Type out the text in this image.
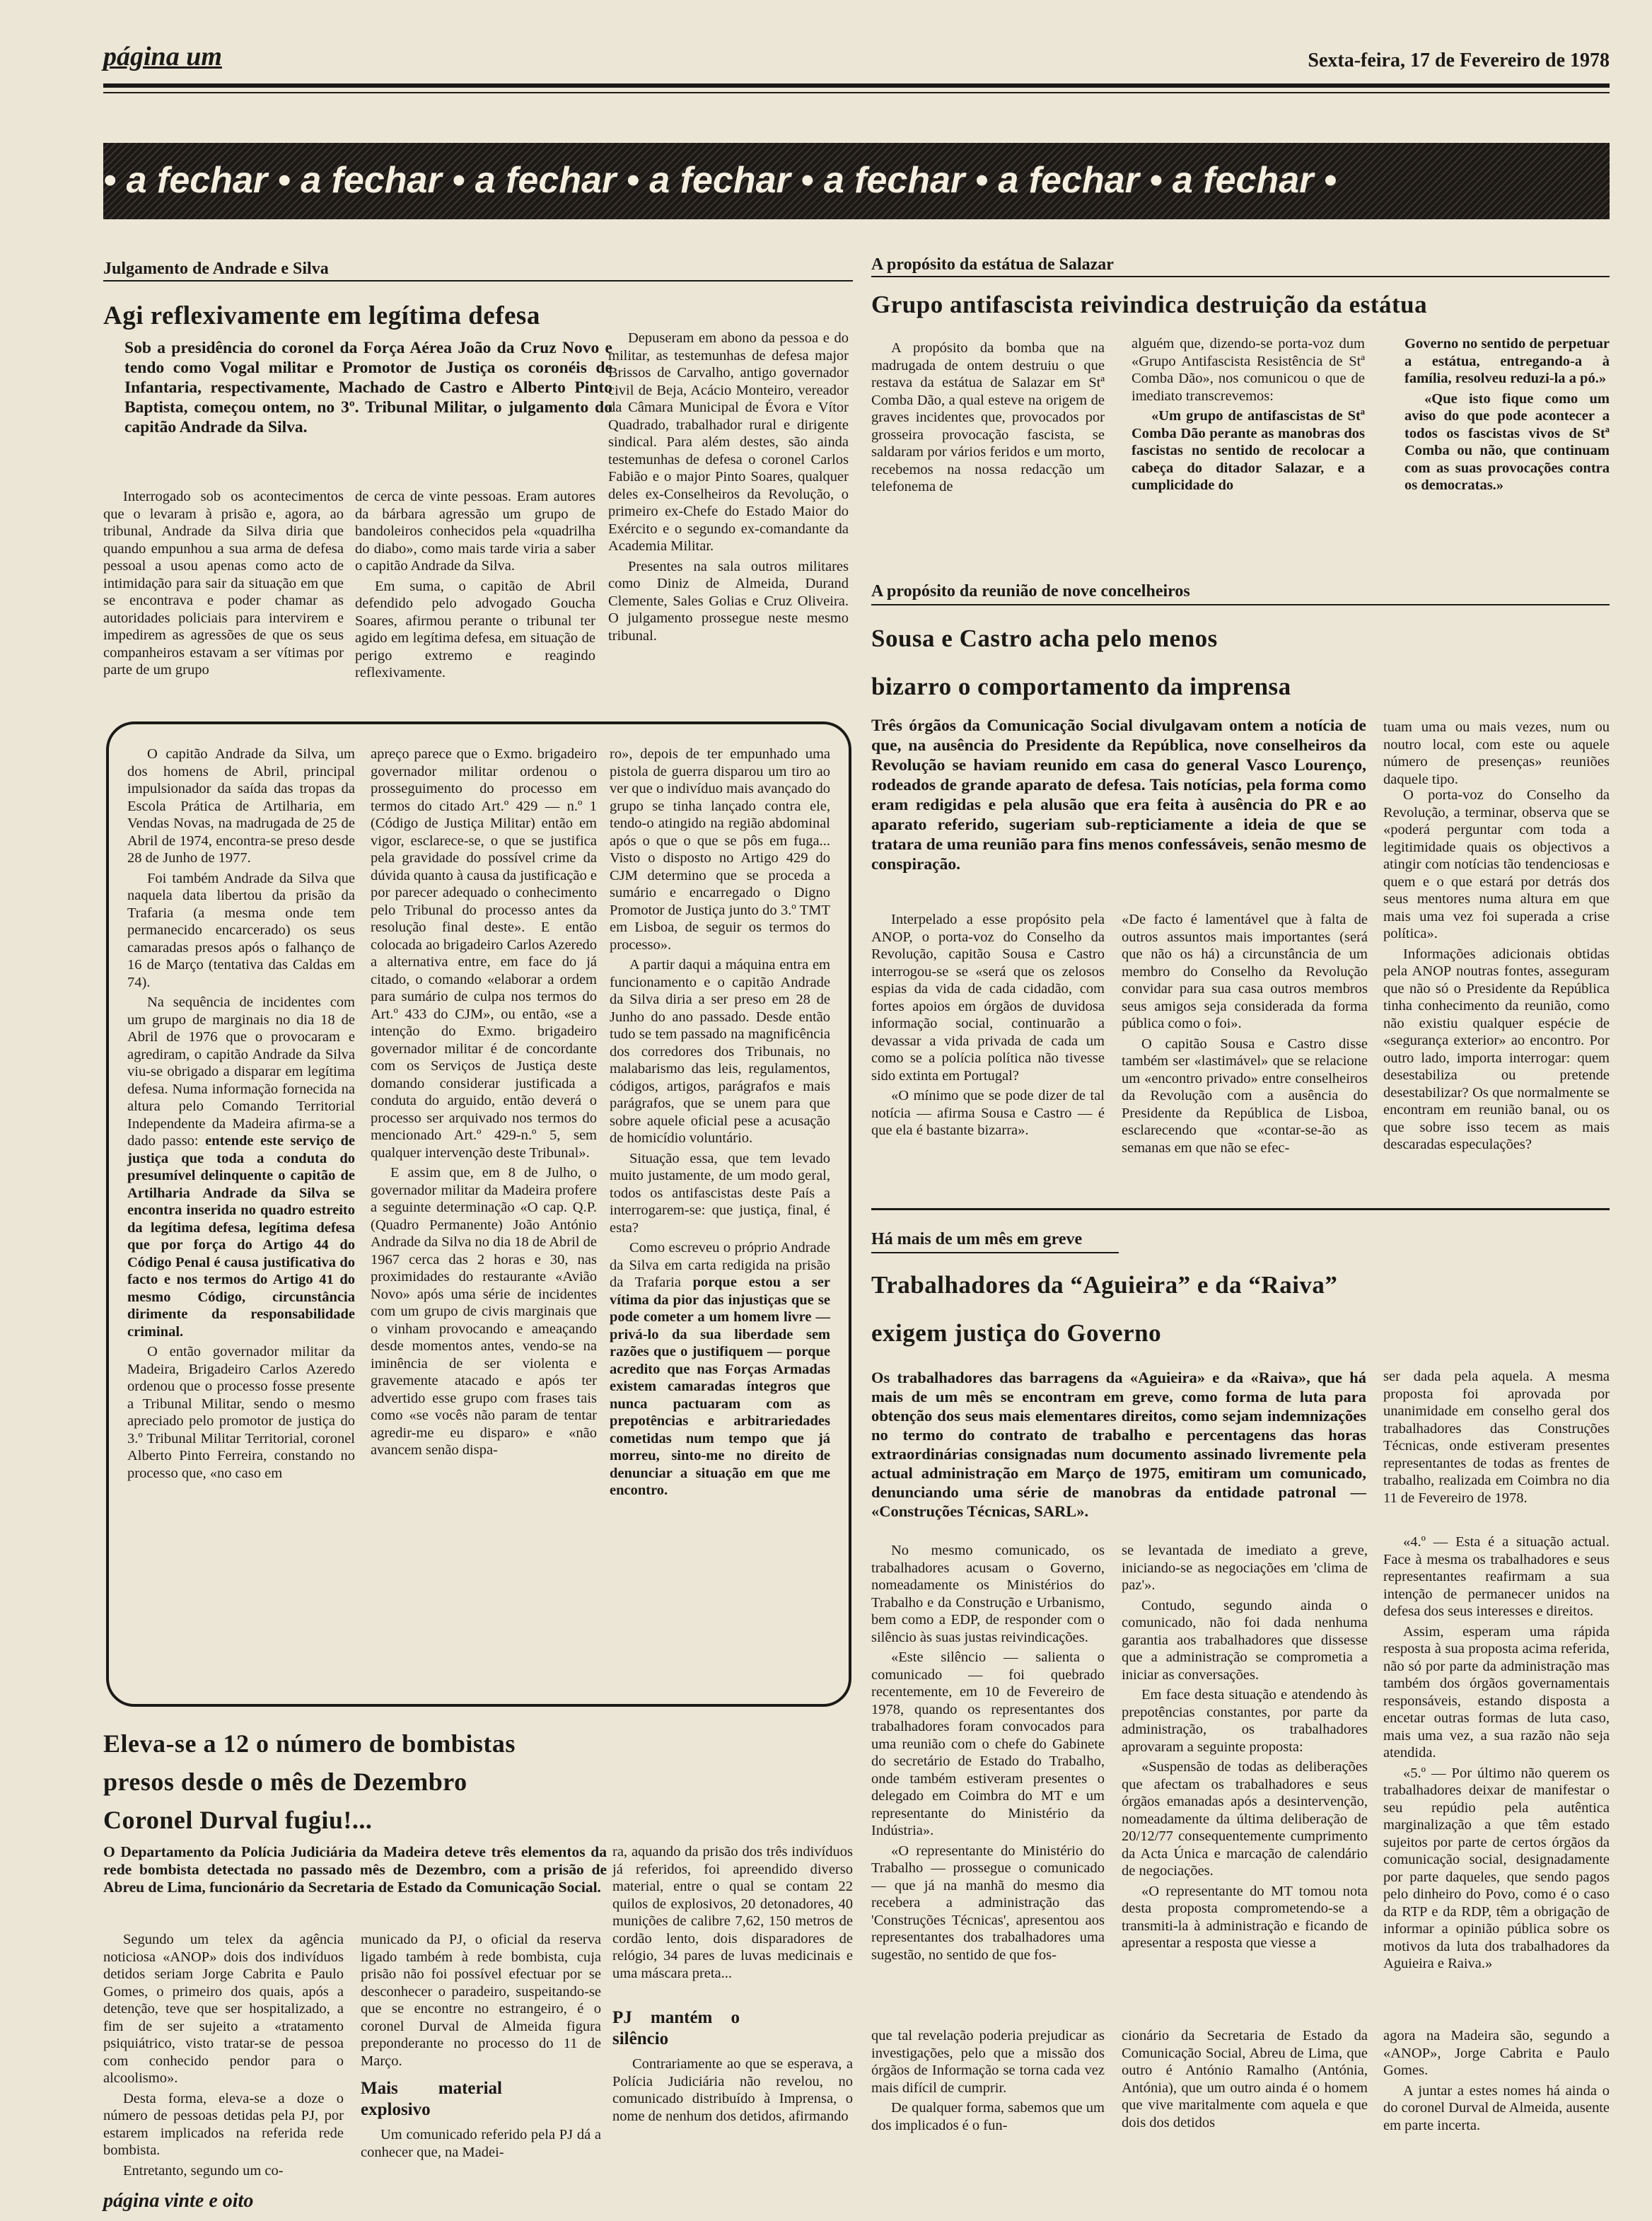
página um	Sexta-feira, 17 de Fevereiro de 1978
• a fechar • a fechar • a fechar • a fechar • a fechar • a fechar • a fechar •
Julgamento de Andrade e Silva
Agi reflexivamente em legítima defesa
Sob a presidência do coronel da Força Aérea João da Cruz Novo e tendo como Vogal militar e Promotor de Justiça os coronéis de Infantaria, respectivamente, Machado de Castro e Alberto Pinto Baptista, começou ontem, no 3º. Tribunal Militar, o julgamento do capitão Andrade da Silva.

Interrogado sob os acontecimentos que o levaram à prisão e, agora, ao tribunal, Andrade da Silva diria que quando empunhou a sua arma de defesa pessoal a usou apenas como acto de intimidação para sair da situação em que se encontrava e poder chamar as autoridades policiais para intervirem e impedirem as agressões de que os seus companheiros estavam a ser vítimas por parte de um grupo

de cerca de vinte pessoas. Eram autores da bárbara agressão um grupo de bandoleiros conhecidos pela «quadrilha do diabo», como mais tarde viria a saber o capitão Andrade da Silva.

Em suma, o capitão de Abril defendido pelo advogado Goucha Soares, afirmou perante o tribunal ter agido em legítima defesa, em situação de perigo extremo e reagindo reflexivamente.

Depuseram em abono da pessoa e do militar, as testemunhas de defesa major Brissos de Carvalho, antigo governador civil de Beja, Acácio Monteiro, vereador da Câmara Municipal de Évora e Vítor Quadrado, trabalhador rural e dirigente sindical. Para além destes, são ainda testemunhas de defesa o coronel Carlos Fabião e o major Pinto Soares, qualquer deles ex-Conselheiros da Revolução, o primeiro ex-Chefe do Estado Maior do Exército e o segundo ex-comandante da Academia Militar.

Presentes na sala outros militares como Diniz de Almeida, Durand Clemente, Sales Golias e Cruz Oliveira. O julgamento prossegue neste mesmo tribunal.

O capitão Andrade da Silva, um dos homens de Abril, principal impulsionador da saída das tropas da Escola Prática de Artilharia, em Vendas Novas, na madrugada de 25 de Abril de 1974, encontra-se preso desde 28 de Junho de 1977.

Foi também Andrade da Silva que naquela data libertou da prisão da Trafaria (a mesma onde tem permanecido encarcerado) os seus camaradas presos após o falhanço de 16 de Março (tentativa das Caldas em 74).

Na sequência de incidentes com um grupo de marginais no dia 18 de Abril de 1976 que o provocaram e agrediram, o capitão Andrade da Silva viu-se obrigado a disparar em legítima defesa. Numa informação fornecida na altura pelo Comando Territorial Independente da Madeira afirma-se a dado passo: entende este serviço de justiça que toda a conduta do presumível delinquente o capitão de Artilharia Andrade da Silva se encontra inserida no quadro estreito da legítima defesa, legítima defesa que por força do Artigo 44 do Código Penal é causa justificativa do facto e nos termos do Artigo 41 do mesmo Código, circunstância dirimente da responsabilidade criminal.

O então governador militar da Madeira, Brigadeiro Carlos Azeredo ordenou que o processo fosse presente a Tribunal Militar, sendo o mesmo apreciado pelo promotor de justiça do 3.º Tribunal Militar Territorial, coronel Alberto Pinto Ferreira, constando no processo que, «no caso em

apreço parece que o Exmo. brigadeiro governador militar ordenou o prosseguimento do processo em termos do citado Art.º 429 — n.º 1 (Código de Justiça Militar) então em vigor, esclarece-se, o que se justifica pela gravidade do possível crime da dúvida quanto à causa da justificação e por parecer adequado o conhecimento pelo Tribunal do processo antes da resolução final deste». E então colocada ao brigadeiro Carlos Azeredo a alternativa entre, em face do já citado, o comando «elaborar a ordem para sumário de culpa nos termos do Art.º 433 do CJM», ou então, «se a intenção do Exmo. brigadeiro governador militar é de concordante com os Serviços de Justiça deste domando considerar justificada a conduta do arguido, então deverá o processo ser arquivado nos termos do mencionado Art.º 429-n.º 5, sem qualquer intervenção deste Tribunal».

E assim que, em 8 de Julho, o governador militar da Madeira profere a seguinte determinação «O cap. Q.P. (Quadro Permanente) João António Andrade da Silva no dia 18 de Abril de 1967 cerca das 2 horas e 30, nas proximidades do restaurante «Avião Novo» após uma série de incidentes com um grupo de civis marginais que o vinham provocando e ameaçando desde momentos antes, vendo-se na iminência de ser violenta e gravemente atacado e após ter advertido esse grupo com frases tais como «se vocês não param de tentar agredir-me eu disparo» e «não avancem senão dispa-

ro», depois de ter empunhado uma pistola de guerra disparou um tiro ao ver que o indivíduo mais avançado do grupo se tinha lançado contra ele, tendo-o atingido na região abdominal após o que o que se pôs em fuga... Visto o disposto no Artigo 429 do CJM determino que se proceda a sumário e encarregado o Digno Promotor de Justiça junto do 3.º TMT em Lisboa, de seguir os termos do processo».

A partir daqui a máquina entra em funcionamento e o capitão Andrade da Silva diria a ser preso em 28 de Junho do ano passado. Desde então tudo se tem passado na magnificência dos corredores dos Tribunais, no malabarismo das leis, regulamentos, códigos, artigos, parágrafos e mais parágrafos, que se unem para que sobre aquele oficial pese a acusação de homicídio voluntário.

Situação essa, que tem levado muito justamente, de um modo geral, todos os antifascistas deste País a interrogarem-se: que justiça, final, é esta?

Como escreveu o próprio Andrade da Silva em carta redigida na prisão da Trafaria porque estou a ser vítima da pior das injustiças que se pode cometer a um homem livre — privá-lo da sua liberdade sem razões que o justifiquem — porque acredito que nas Forças Armadas existem camaradas íntegros que nunca pactuaram com as prepotências e arbitrariedades cometidas num tempo que já morreu, sinto-me no direito de denunciar a situação em que me encontro.

A propósito da estátua de Salazar
Grupo antifascista reivindica destruição da estátua

A propósito da bomba que na madrugada de ontem destruiu o que restava da estátua de Salazar em Stª Comba Dão, a qual esteve na origem de graves incidentes que, provocados por grosseira provocação fascista, se saldaram por vários feridos e um morto, recebemos na nossa redacção um telefonema de

alguém que, dizendo-se porta-voz dum «Grupo Antifascista Resistência de Stª Comba Dão», nos comunicou o que de imediato transcrevemos:

«Um grupo de antifascistas de Stª Comba Dão perante as manobras dos fascistas no sentido de recolocar a cabeça do ditador Salazar, e a cumplicidade do

Governo no sentido de perpetuar a estátua, entregando-a à família, resolveu reduzi-la a pó.»

«Que isto fique como um aviso do que pode acontecer a todos os fascistas vivos de Stª Comba ou não, que continuam com as suas provocações contra os democratas.»

A propósito da reunião de nove concelheiros
Sousa e Castro acha pelo menos
bizarro o comportamento da imprensa
Três órgãos da Comunicação Social divulgavam ontem a notícia de que, na ausência do Presidente da República, nove conselheiros da Revolução se haviam reunido em casa do general Vasco Lourenço, rodeados de grande aparato de defesa. Tais notícias, pela forma como eram redigidas e pela alusão que era feita à ausência do PR e ao aparato referido, sugeriam sub-repticiamente a ideia de que se tratara de uma reunião para fins menos confessáveis, senão mesmo de conspiração.

tuam uma ou mais vezes, num ou noutro local, com este ou aquele número de presenças» reuniões daquele tipo.

Interpelado a esse propósito pela ANOP, o porta-voz do Conselho da Revolução, capitão Sousa e Castro interrogou-se se «será que os zelosos espias da vida de cada cidadão, com fortes apoios em órgãos de duvidosa informação social, continuarão a devassar a vida privada de cada um como se a polícia política não tivesse sido extinta em Portugal?

«O mínimo que se pode dizer de tal notícia — afirma Sousa e Castro — é que ela é bastante bizarra».

«De facto é lamentável que à falta de outros assuntos mais importantes (será que não os há) a circunstância de um membro do Conselho da Revolução convidar para sua casa outros membros seus amigos seja considerada da forma pública como o foi».

O capitão Sousa e Castro disse também ser «lastimável» que se relacione um «encontro privado» entre conselheiros da Revolução com a ausência do Presidente da República de Lisboa, esclarecendo que «contar-se-ão as semanas em que não se efec-

O porta-voz do Conselho da Revolução, a terminar, observa que se «poderá perguntar com toda a legitimidade quais os objectivos a atingir com notícias tão tendenciosas e quem e o que estará por detrás dos seus mentores numa altura em que mais uma vez foi superada a crise política».

Informações adicionais obtidas pela ANOP noutras fontes, asseguram que não só o Presidente da República tinha conhecimento da reunião, como não existiu qualquer espécie de «segurança exterior» ao encontro. Por outro lado, importa interrogar: quem desestabiliza ou pretende desestabilizar? Os que normalmente se encontram em reunião banal, ou os que sobre isso tecem as mais descaradas especulações?

Há mais de um mês em greve
Trabalhadores da “Aguieira” e da “Raiva”
exigem justiça do Governo
Os trabalhadores das barragens da «Aguieira» e da «Raiva», que há mais de um mês se encontram em greve, como forma de luta para obtenção dos seus mais elementares direitos, como sejam indemnizações no termo do contrato de trabalho e percentagens das horas extraordinárias consignadas num documento assinado livremente pela actual administração em Março de 1975, emitiram um comunicado, denunciando uma série de manobras da entidade patronal — «Construções Técnicas, SARL».

ser dada pela aquela. A mesma proposta foi aprovada por unanimidade em conselho geral dos trabalhadores das Construções Técnicas, onde estiveram presentes representantes de todas as frentes de trabalho, realizada em Coimbra no dia 11 de Fevereiro de 1978.

No mesmo comunicado, os trabalhadores acusam o Governo, nomeadamente os Ministérios do Trabalho e da Construção e Urbanismo, bem como a EDP, de responder com o silêncio às suas justas reivindicações.

«Este silêncio — salienta o comunicado — foi quebrado recentemente, em 10 de Fevereiro de 1978, quando os representantes dos trabalhadores foram convocados para uma reunião com o chefe do Gabinete do secretário de Estado do Trabalho, onde também estiveram presentes o delegado em Coimbra do MT e um representante do Ministério da Indústria».

«O representante do Ministério do Trabalho — prossegue o comunicado — que já na manhã do mesmo dia recebera a administração das 'Construções Técnicas', apresentou aos representantes dos trabalhadores uma sugestão, no sentido de que fos-

se levantada de imediato a greve, iniciando-se as negociações em 'clima de paz'».

Contudo, segundo ainda o comunicado, não foi dada nenhuma garantia aos trabalhadores que dissesse que a administração se comprometia a iniciar as conversações.

Em face desta situação e atendendo às prepotências constantes, por parte da administração, os trabalhadores aprovaram a seguinte proposta:

«Suspensão de todas as deliberações que afectam os trabalhadores e seus órgãos emanadas após a desintervenção, nomeadamente da última deliberação de 20/12/77 consequentemente cumprimento da Acta Única e marcação de calendário de negociações.

«O representante do MT tomou nota desta proposta comprometendo-se a transmiti-la à administração e ficando de apresentar a resposta que viesse a

«4.º — Esta é a situação actual. Face à mesma os trabalhadores e seus representantes reafirmam a sua intenção de permanecer unidos na defesa dos seus interesses e direitos.

Assim, esperam uma rápida resposta à sua proposta acima referida, não só por parte da administração mas também dos órgãos governamentais responsáveis, estando disposta a encetar outras formas de luta caso, mais uma vez, a sua razão não seja atendida.

«5.º — Por último não querem os trabalhadores deixar de manifestar o seu repúdio pela autêntica marginalização a que têm estado sujeitos por parte de certos órgãos da comunicação social, designadamente por parte daqueles, que sendo pagos pelo dinheiro do Povo, como é o caso da RTP e da RDP, têm a obrigação de informar a opinião pública sobre os motivos da luta dos trabalhadores da Aguieira e Raiva.»

Eleva-se a 12 o número de bombistas
presos desde o mês de Dezembro
Coronel Durval fugiu!...
O Departamento da Polícia Judiciária da Madeira deteve três elementos da rede bombista detectada no passado mês de Dezembro, com a prisão de Abreu de Lima, funcionário da Secretaria de Estado da Comunicação Social.

Segundo um telex da agência noticiosa «ANOP» dois dos indivíduos detidos seriam Jorge Cabrita e Paulo Gomes, o primeiro dos quais, após a detenção, teve que ser hospitalizado, a fim de ser sujeito a «tratamento psiquiátrico, visto tratar-se de pessoa com conhecido pendor para o alcoolismo».

Desta forma, eleva-se a doze o número de pessoas detidas pela PJ, por estarem implicados na referida rede bombista.

Entretanto, segundo um co-

municado da PJ, o oficial da reserva ligado também à rede bombista, cuja prisão não foi possível efectuar por se desconhecer o paradeiro, suspeitando-se que se encontre no estrangeiro, é o coronel Durval de Almeida figura preponderante no processo do 11 de Março.

Mais material explosivo

Um comunicado referido pela PJ dá a conhecer que, na Madei-

ra, aquando da prisão dos três indivíduos já referidos, foi apreendido diverso material, entre o qual se contam 22 quilos de explosivos, 20 detonadores, 40 munições de calibre 7,62, 150 metros de cordão lento, dois disparadores de relógio, 34 pares de luvas medicinais e uma máscara preta...

PJ mantém o silêncio

Contrariamente ao que se esperava, a Polícia Judiciária não revelou, no comunicado distribuído à Imprensa, o nome de nenhum dos detidos, afirmando

que tal revelação poderia prejudicar as investigações, pelo que a missão dos órgãos de Informação se torna cada vez mais difícil de cumprir.

De qualquer forma, sabemos que um dos implicados é o fun-

cionário da Secretaria de Estado da Comunicação Social, Abreu de Lima, que outro é António Ramalho (Antónia, Antónia), que um outro ainda é o homem que vive maritalmente com aquela e que dois dos detidos

agora na Madeira são, segundo a «ANOP», Jorge Cabrita e Paulo Gomes.

A juntar a estes nomes há ainda o do coronel Durval de Almeida, ausente em parte incerta.

página vinte e oito
